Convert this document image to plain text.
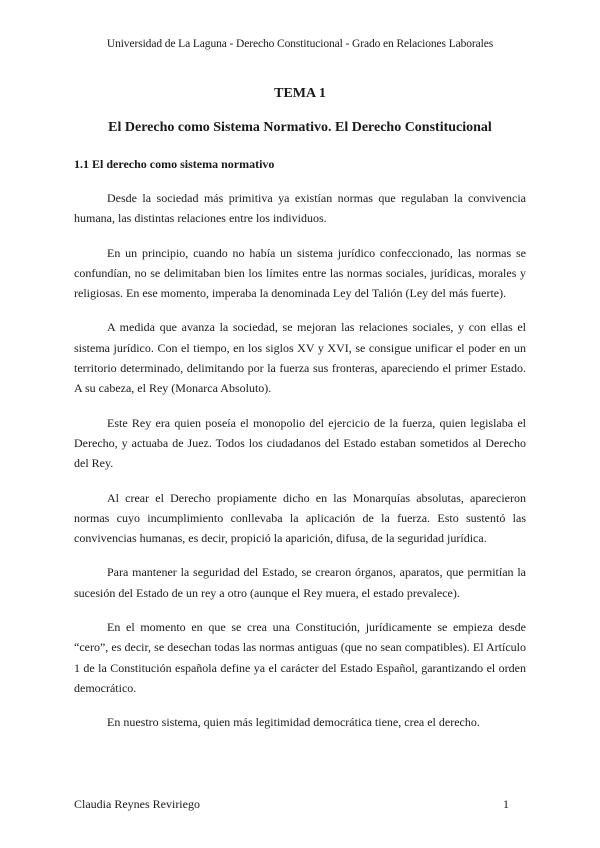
Universidad de La Laguna - Derecho Constitucional - Grado en Relaciones Laborales
TEMA 1
El Derecho como Sistema Normativo. El Derecho Constitucional
1.1 El derecho como sistema normativo

Desde la sociedad más primitiva ya existían normas que regulaban la convivencia humana, las distintas relaciones entre los individuos.

En un principio, cuando no había un sistema jurídico confeccionado, las normas se confundían, no se delimitaban bien los límites entre las normas sociales, jurídicas, morales y religiosas. En ese momento, imperaba la denominada Ley del Talión (Ley del más fuerte).

A medida que avanza la sociedad, se mejoran las relaciones sociales, y con ellas el sistema jurídico. Con el tiempo, en los siglos XV y XVI, se consigue unificar el poder en un territorio determinado, delimitando por la fuerza sus fronteras, apareciendo el primer Estado. A su cabeza, el Rey (Monarca Absoluto).

Este Rey era quien poseía el monopolio del ejercicio de la fuerza, quien legislaba el Derecho, y actuaba de Juez. Todos los ciudadanos del Estado estaban sometidos al Derecho del Rey.

Al crear el Derecho propiamente dicho en las Monarquías absolutas, aparecieron normas cuyo incumplimiento conllevaba la aplicación de la fuerza. Esto sustentó las convivencias humanas, es decir, propició la aparición, difusa, de la seguridad jurídica.

Para mantener la seguridad del Estado, se crearon órganos, aparatos, que permitían la sucesión del Estado de un rey a otro (aunque el Rey muera, el estado prevalece).

En el momento en que se crea una Constitución, jurídicamente se empieza desde “cero”, es decir, se desechan todas las normas antiguas (que no sean compatibles). El Artículo 1 de la Constitución española define ya el carácter del Estado Español, garantizando el orden democrático.

En nuestro sistema, quien más legitimidad democrática tiene, crea el derecho.

Claudia Reynes Reviriego	1
